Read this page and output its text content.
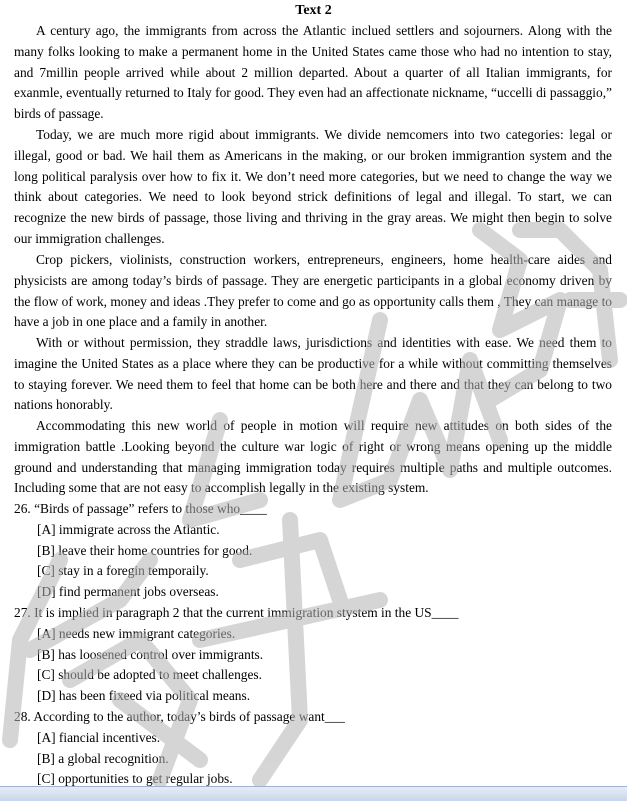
Text 2

A century ago, the immigrants from across the Atlantic inclued settlers and sojourners. Along with the many folks looking to make a permanent home in the United States came those who had no intention to stay, and 7millin people arrived while about 2 million departed. About a quarter of all Italian immigrants, for exanmle, eventually returned to Italy for good. They even had an affectionate nickname, “uccelli di passaggio,” birds of passage.

Today, we are much more rigid about immigrants. We divide nemcomers into two categories: legal or illegal, good or bad. We hail them as Americans in the making, or our broken immigrantion system and the long political paralysis over how to fix it. We don’t need more categories, but we need to change the way we think about categories. We need to look beyond strick definitions of legal and illegal. To start, we can recognize the new birds of passage, those living and thriving in the gray areas. We might then begin to solve our immigration challenges.

Crop pickers, violinists, construction workers, entrepreneurs, engineers, home health-care aides and physicists are among today’s birds of passage. They are energetic participants in a global economy driven by the flow of work, money and ideas .They prefer to come and go as opportunity calls them , They can manage to have a job in one place and a family in another.

With or without permission, they straddle laws, jurisdictions and identities with ease. We need them to imagine the United States as a place where they can be productive for a while without committing themselves to staying forever. We need them to feel that home can be both here and there and that they can belong to two nations honorably.

Accommodating this new world of people in motion will require new attitudes on both sides of the immigration battle .Looking beyond the culture war logic of right or wrong means opening up the middle ground and understanding that managing immigration today requires multiple paths and multiple outcomes. Including some that are not easy to accomplish legally in the existing system.

26. “Birds of passage” refers to those who____
[A] immigrate across the Atlantic.
[B] leave their home countries for good.
[C] stay in a foregin temporaily.
[D] find permanent jobs overseas.
27. It is implied in paragraph 2 that the current immigration stystem in the US____
[A] needs new immigrant categories.
[B] has loosened control over immigrants.
[C] should be adopted to meet challenges.
[D] has been fixeed via political means.
28. According to the author, today’s birds of passage want___
[A] fiancial incentives.
[B] a global recognition.
[C] opportunities to get regular jobs.
